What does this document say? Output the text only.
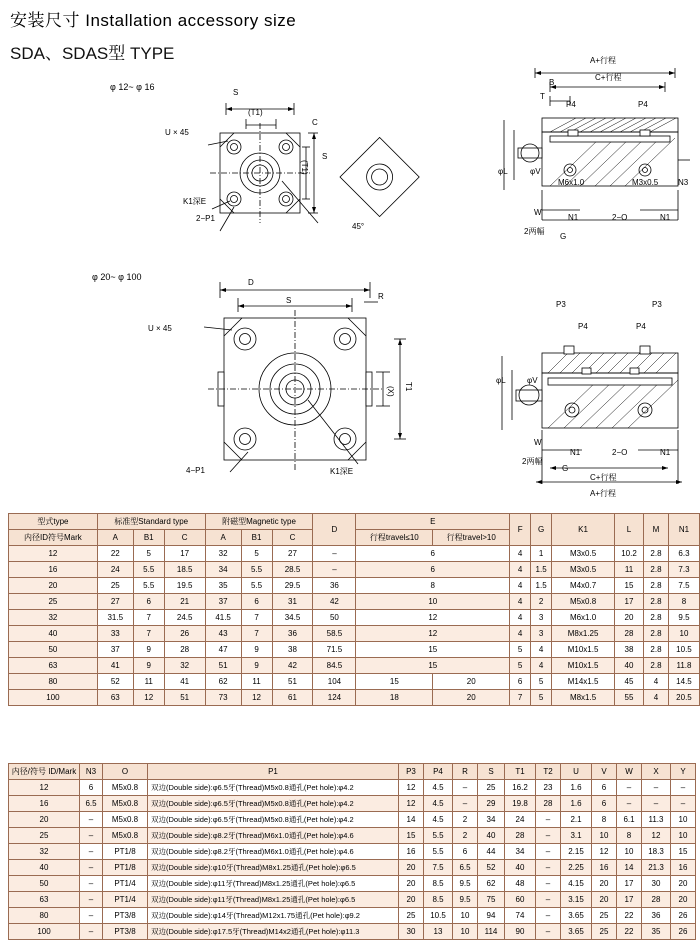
安装尺寸 Installation accessory size
SDA、SDAS型 TYPE
φ 12~ φ 16
φ 20~ φ 100
S
(T1)
C
(T1)
S
U × 45
K1深E
2−P1
45°
A+行程
C+行程
B
T
P4	P4
φL	φV
M6x1.0	M3x0.5 N3
W
2两幅
N1	2−O	N1
G
D
S	R
U × 45
(X) T1
4−P1	K1深E
P3	P3
P4	P4
φL	φV
W
2两幅
N1	2−O	N1
G
C+行程
A+行程
型式type	标准型Standard type			附磁型Magnetic type			D	E		F	G	K1	L	M	N1
内径ID符号Mark	A	B1	C	A	B1	C		行程travel≤10	行程travel>10						
12	22	5	17	32	5	27	–	6		4	1	M3x0.5	10.2	2.8	6.3
16	24	5.5	18.5	34	5.5	28.5	–	6		4	1.5	M3x0.5	11	2.8	7.3
20	25	5.5	19.5	35	5.5	29.5	36	8		4	1.5	M4x0.7	15	2.8	7.5
25	27	6	21	37	6	31	42	10		4	2	M5x0.8	17	2.8	8
32	31.5	7	24.5	41.5	7	34.5	50	12		4	3	M6x1.0	20	2.8	9.5
40	33	7	26	43	7	36	58.5	12		4	3	M8x1.25	28	2.8	10
50	37	9	28	47	9	38	71.5	15		5	4	M10x1.5	38	2.8	10.5
63	41	9	32	51	9	42	84.5	15		5	4	M10x1.5	40	2.8	11.8
80	52	11	41	62	11	51	104	15	20	6	5	M14x1.5	45	4	14.5
100	63	12	51	73	12	61	124	18	20	7	5	M8x1.5	55	4	20.5
内径/符号 ID/Mark	N3	O	P1	P3	P4	R	S	T1	T2	U	V	W	X	Y
12	6	M5x0.8	双边(Double side):φ6.5牙(Thread)M5x0.8通孔(Pet hole):φ4.2	12	4.5	–	25	16.2	23	1.6	6	–	–	–
16	6.5	M5x0.8	双边(Double side):φ6.5牙(Thread)M5x0.8通孔(Pet hole):φ4.2	12	4.5	–	29	19.8	28	1.6	6	–	–	–
20	–	M5x0.8	双边(Double side):φ6.5牙(Thread)M5x0.8通孔(Pet hole):φ4.2	14	4.5	2	34	24	–	2.1	8	6.1	11.3	10
25	–	M5x0.8	双边(Double side):φ8.2牙(Thread)M6x1.0通孔(Pet hole):φ4.6	15	5.5	2	40	28	–	3.1	10	8	12	10
32	–	PT1/8	双边(Double side):φ8.2牙(Thread)M6x1.0通孔(Pet hole):φ4.6	16	5.5	6	44	34	–	2.15	12	10	18.3	15
40	–	PT1/8	双边(Double side):φ10牙(Thread)M8x1.25通孔(Pet hole):φ6.5	20	7.5	6.5	52	40	–	2.25	16	14	21.3	16
50	–	PT1/4	双边(Double side):φ11牙(Thread)M8x1.25通孔(Pet hole):φ6.5	20	8.5	9.5	62	48	–	4.15	20	17	30	20
63	–	PT1/4	双边(Double side):φ11牙(Thread)M8x1.25通孔(Pet hole):φ6.5	20	8.5	9.5	75	60	–	3.15	20	17	28	20
80	–	PT3/8	双边(Double side):φ14牙(Thread)M12x1.75通孔(Pet hole):φ9.2	25	10.5	10	94	74	–	3.65	25	22	36	26
100	–	PT3/8	双边(Double side):φ17.5牙(Thread)M14x2通孔(Pet hole):φ11.3	30	13	10	114	90	–	3.65	25	22	35	26
